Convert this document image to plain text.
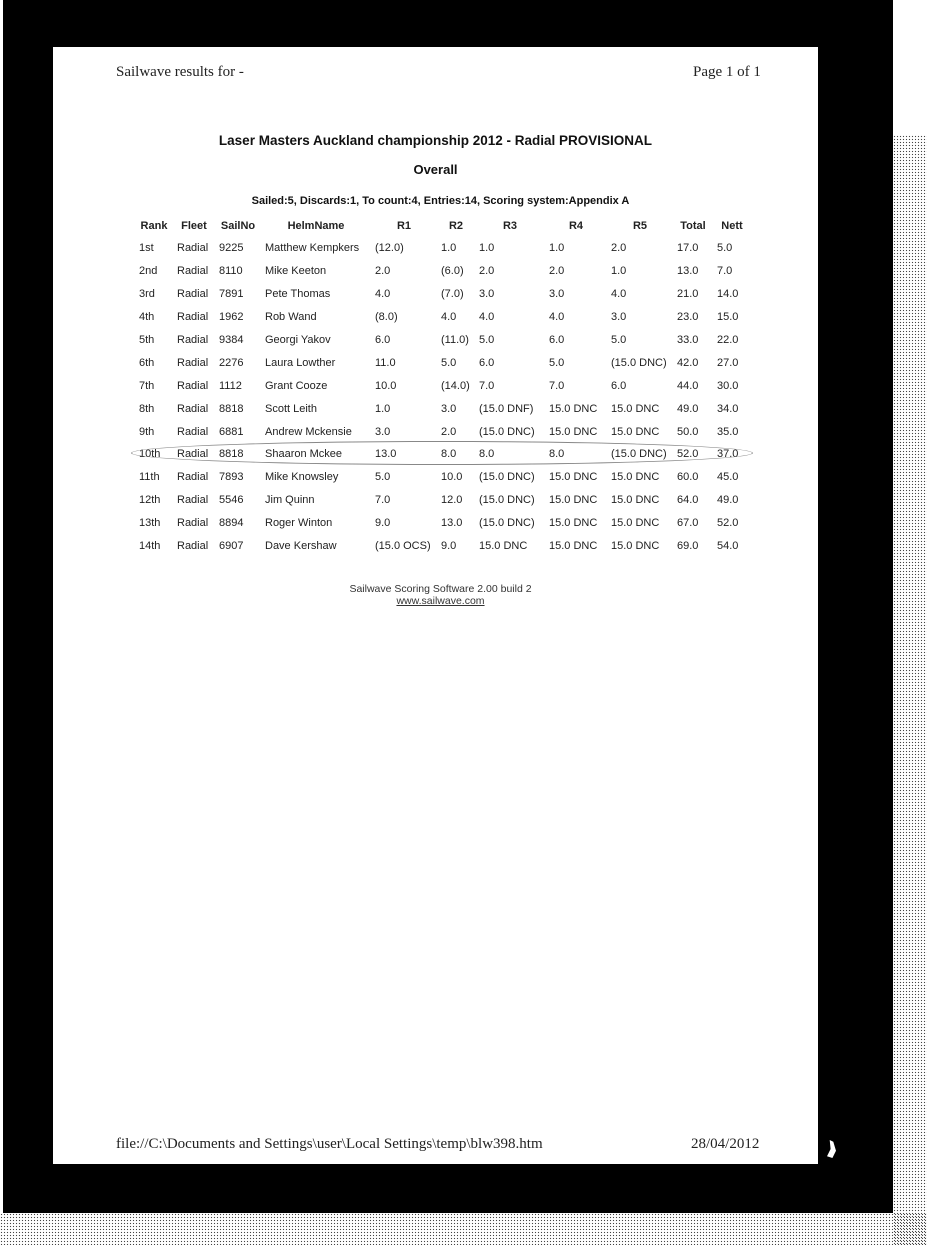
Sailwave results for -	Page 1 of 1
Laser Masters Auckland championship 2012 - Radial PROVISIONAL
Overall
Sailed:5, Discards:1, To count:4, Entries:14, Scoring system:Appendix A
Rank	Fleet	SailNo	HelmName	R1	R2	R3	R4	R5	Total	Nett
1st	Radial	9225	Matthew Kempkers	(12.0)	1.0	1.0	1.0	2.0	17.0	5.0
2nd	Radial	8110	Mike Keeton	2.0	(6.0)	2.0	2.0	1.0	13.0	7.0
3rd	Radial	7891	Pete Thomas	4.0	(7.0)	3.0	3.0	4.0	21.0	14.0
4th	Radial	1962	Rob Wand	(8.0)	4.0	4.0	4.0	3.0	23.0	15.0
5th	Radial	9384	Georgi Yakov	6.0	(11.0)	5.0	6.0	5.0	33.0	22.0
6th	Radial	2276	Laura Lowther	11.0	5.0	6.0	5.0	(15.0 DNC)	42.0	27.0
7th	Radial	1112	Grant Cooze	10.0	(14.0)	7.0	7.0	6.0	44.0	30.0
8th	Radial	8818	Scott Leith	1.0	3.0	(15.0 DNF)	15.0 DNC	15.0 DNC	49.0	34.0
9th	Radial	6881	Andrew Mckensie	3.0	2.0	(15.0 DNC)	15.0 DNC	15.0 DNC	50.0	35.0
10th	Radial	8818	Shaaron Mckee	13.0	8.0	8.0	8.0	(15.0 DNC)	52.0	37.0
11th	Radial	7893	Mike Knowsley	5.0	10.0	(15.0 DNC)	15.0 DNC	15.0 DNC	60.0	45.0
12th	Radial	5546	Jim Quinn	7.0	12.0	(15.0 DNC)	15.0 DNC	15.0 DNC	64.0	49.0
13th	Radial	8894	Roger Winton	9.0	13.0	(15.0 DNC)	15.0 DNC	15.0 DNC	67.0	52.0
14th	Radial	6907	Dave Kershaw	(15.0 OCS)	9.0	15.0 DNC	15.0 DNC	15.0 DNC	69.0	54.0
Sailwave Scoring Software 2.00 build 2
www.sailwave.com
file://C:\Documents and Settings\user\Local Settings\temp\blw398.htm	28/04/2012
